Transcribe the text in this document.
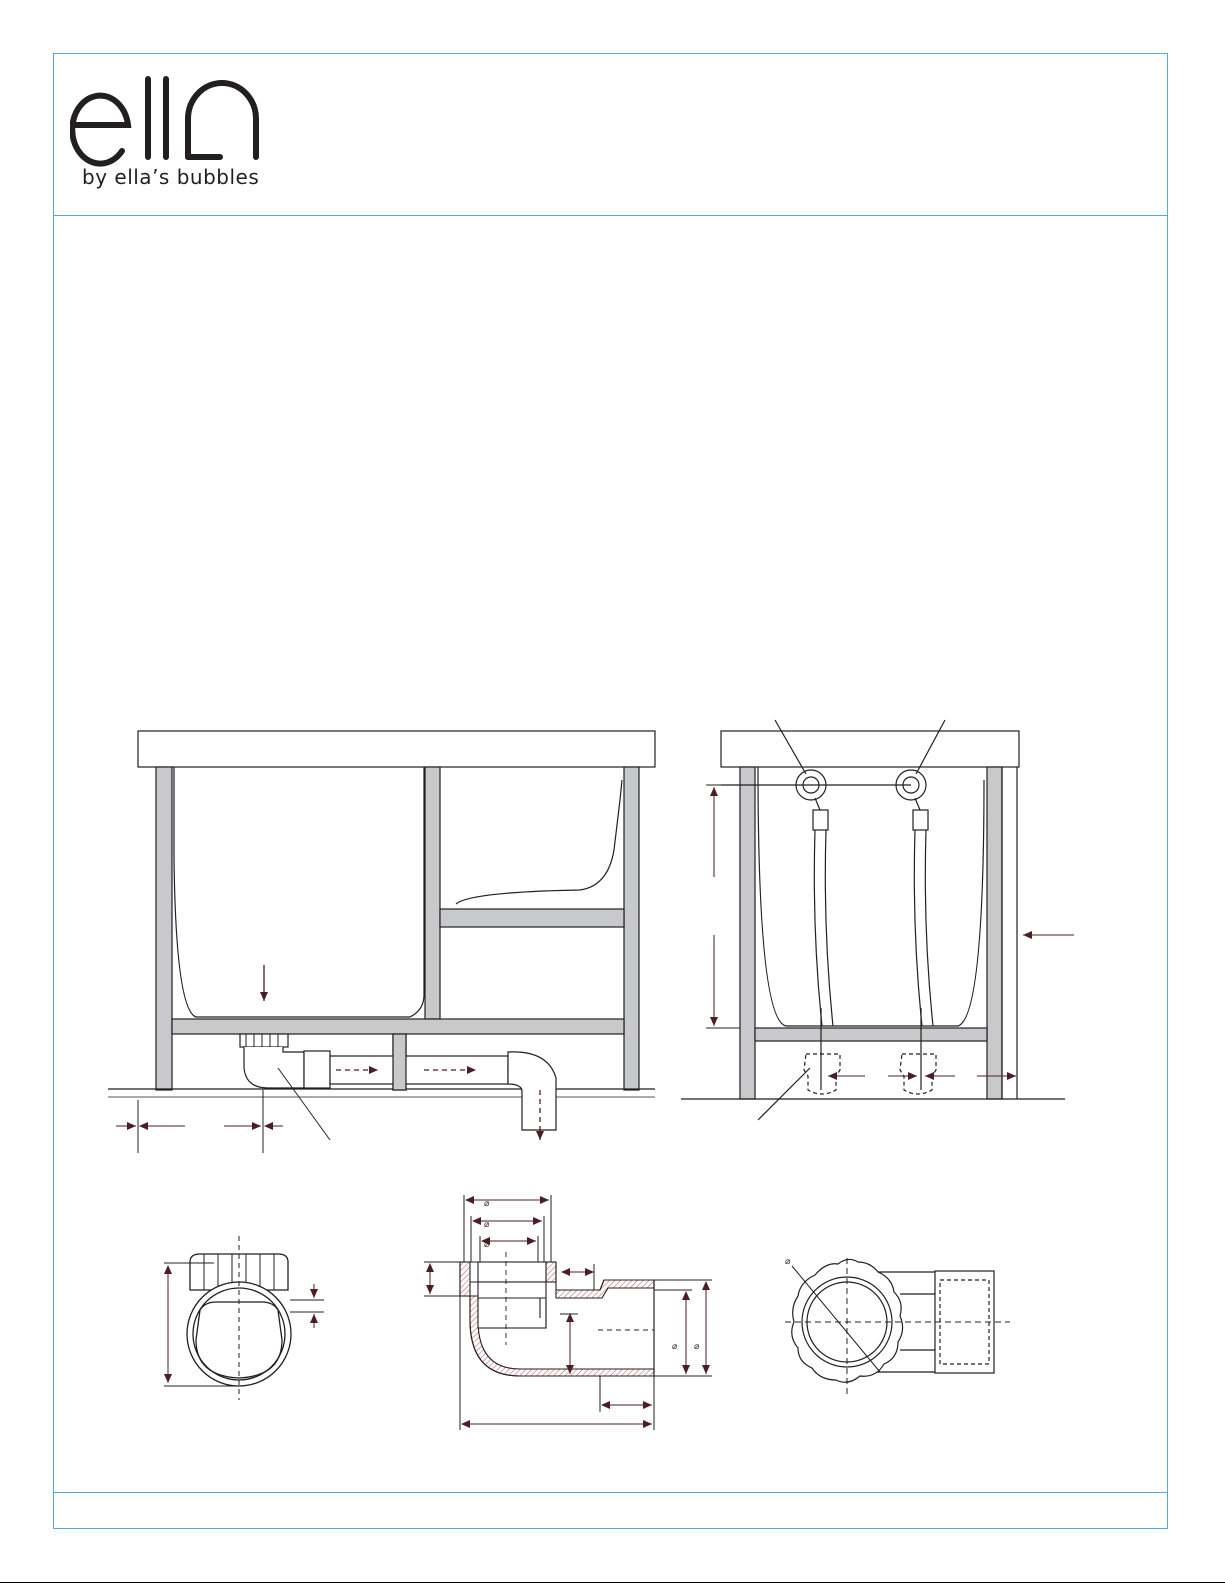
by ella’s bubbles
⌀
⌀
⌀
⌀ ⌀
⌀
